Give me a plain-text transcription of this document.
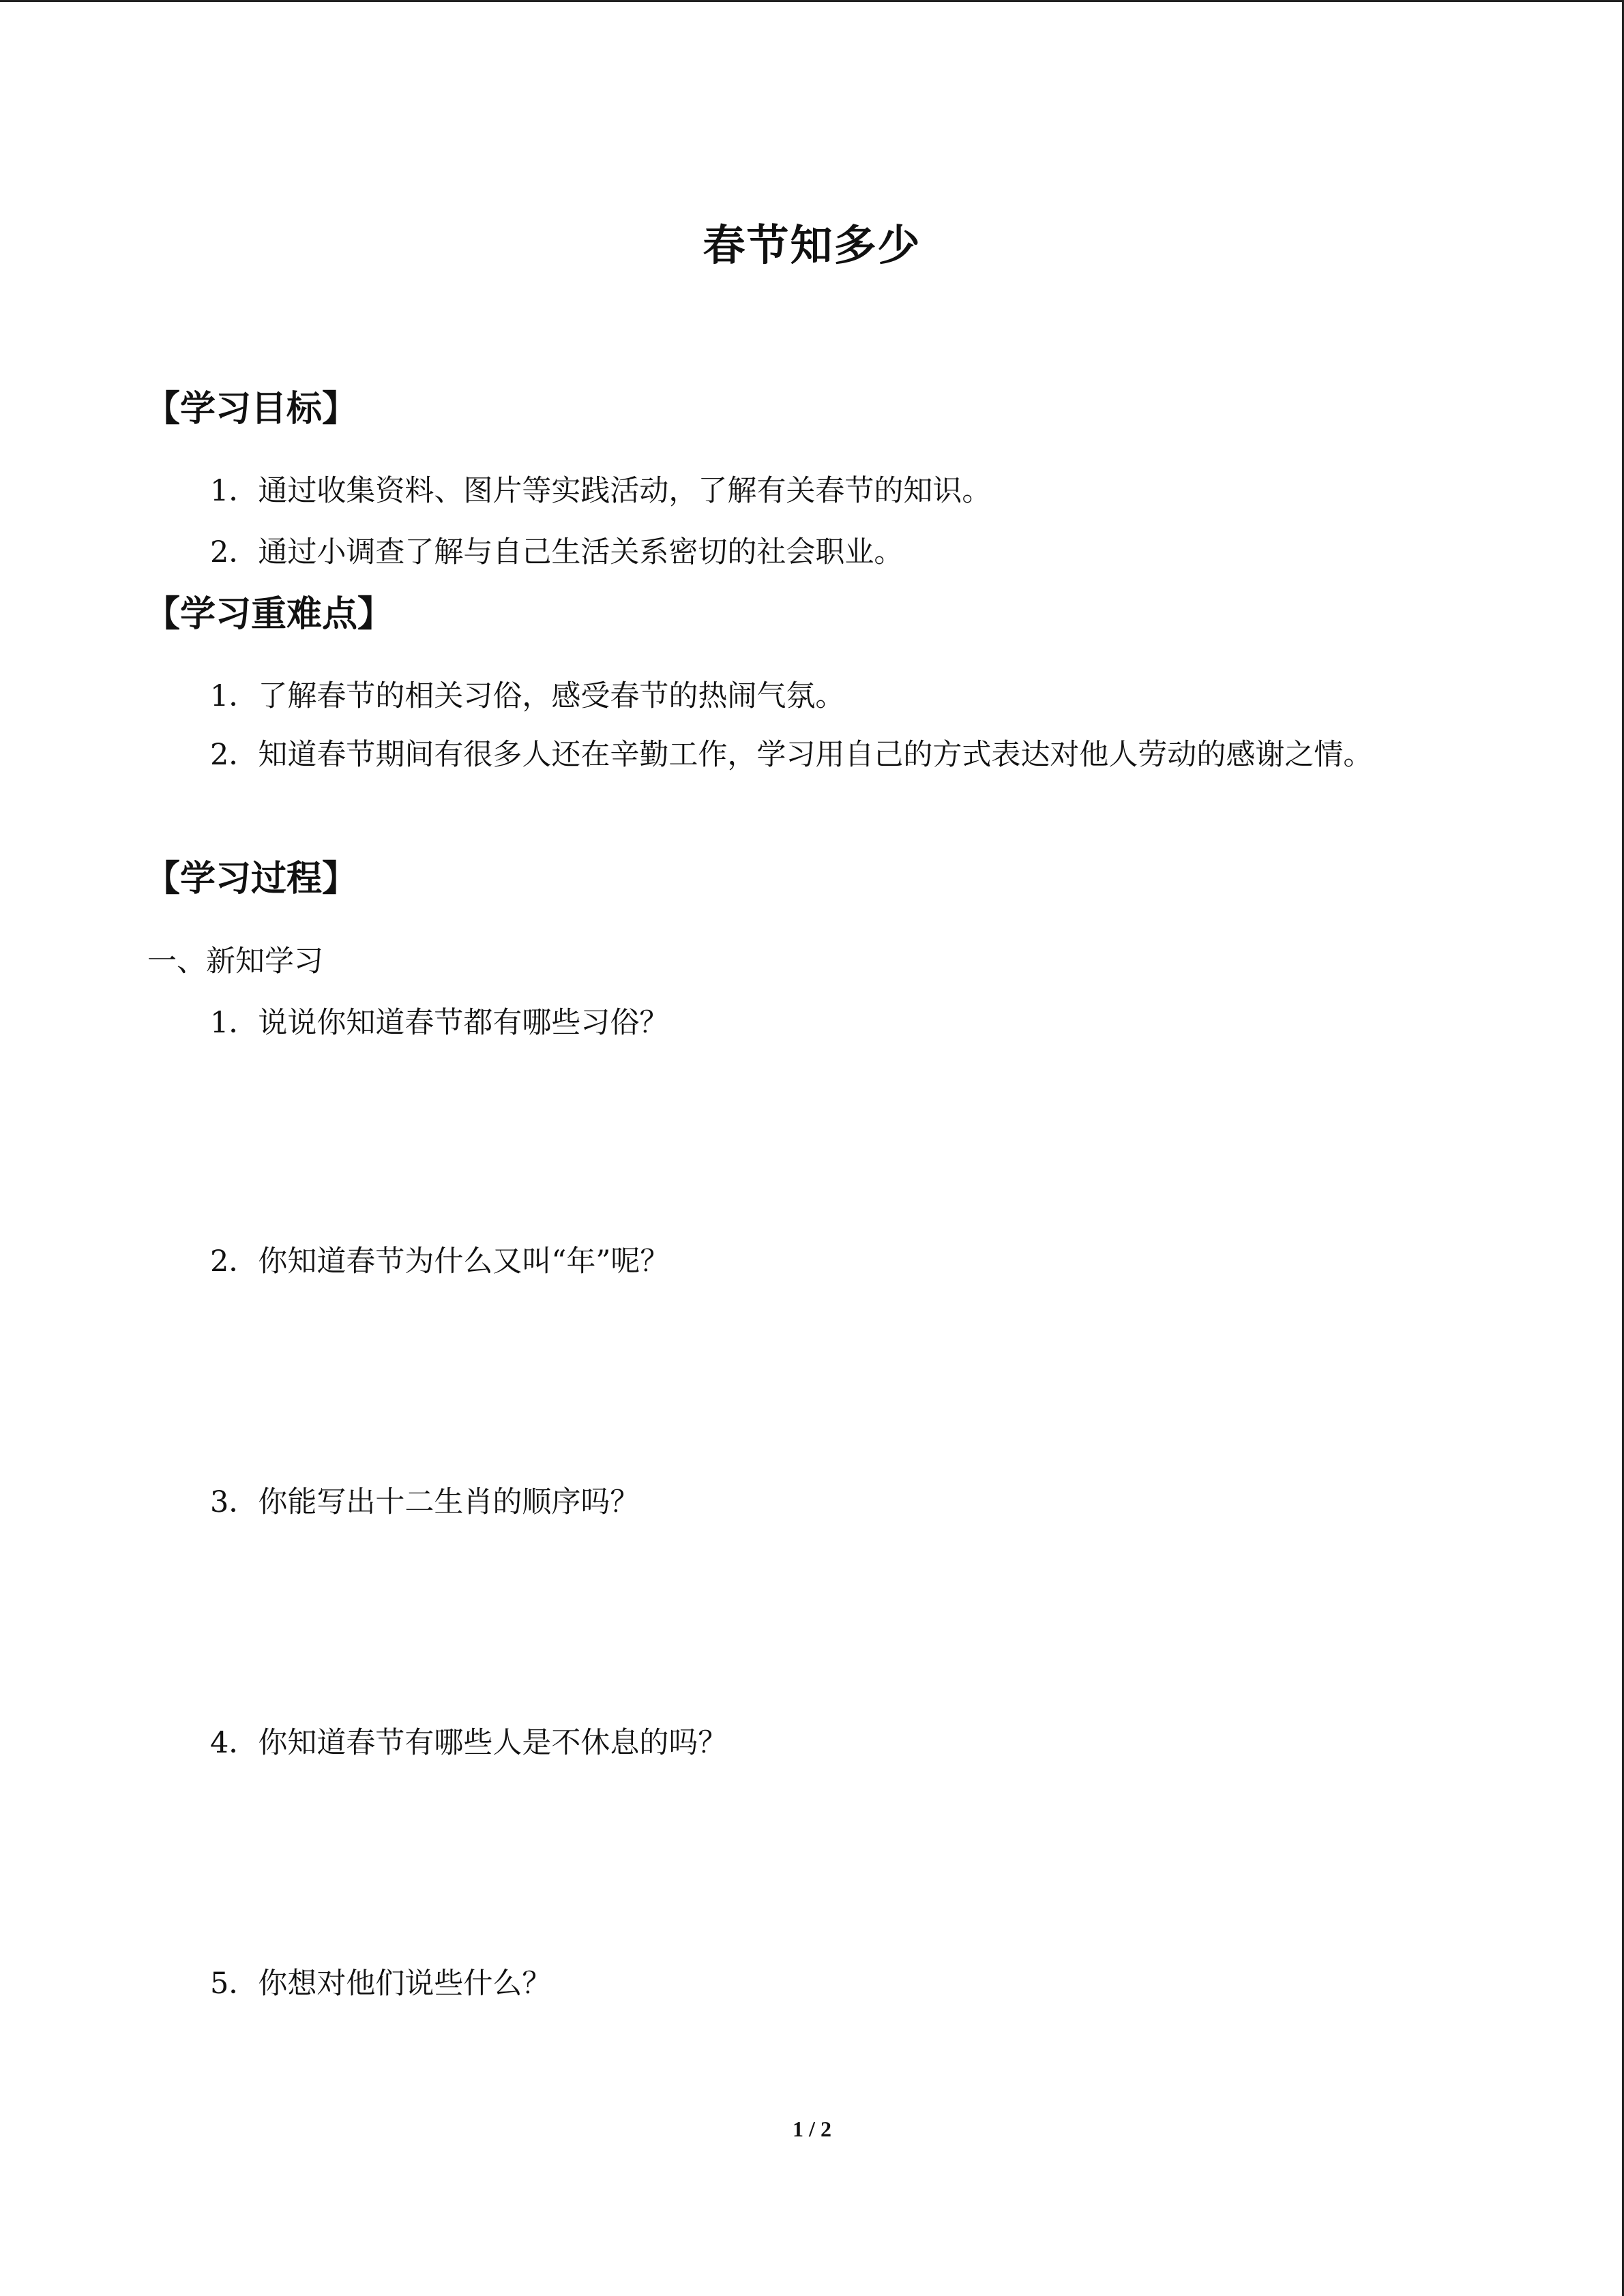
春节知多少
【学习目标】
1．通过收集资料、图片等实践活动，了解有关春节的知识。
2．通过小调查了解与自己生活关系密切的社会职业。
【学习重难点】
1．了解春节的相关习俗，感受春节的热闹气氛。
2．知道春节期间有很多人还在辛勤工作，学习用自己的方式表达对他人劳动的感谢之情。
【学习过程】
一、新知学习
1．说说你知道春节都有哪些习俗？
2．你知道春节为什么又叫“年”呢？
3．你能写出十二生肖的顺序吗？
4．你知道春节有哪些人是不休息的吗？
5．你想对他们说些什么？
1 / 2
